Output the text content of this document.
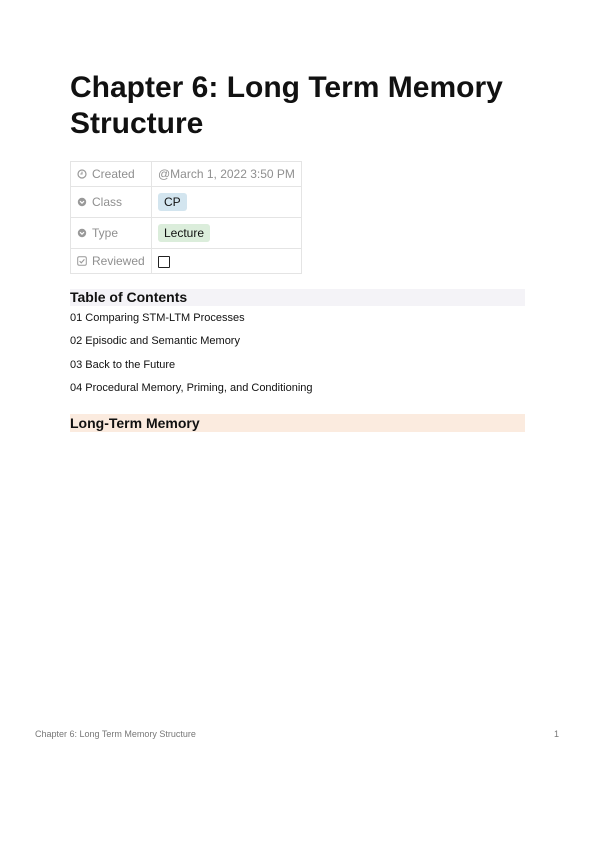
Chapter 6: Long Term Memory Structure
Created	@March 1, 2022 3:50 PM
Class	CP
Type	Lecture
Reviewed	
Table of Contents
01 Comparing STM-LTM Processes
02 Episodic and Semantic Memory
03 Back to the Future
04 Procedural Memory, Priming, and Conditioning
Long-Term Memory
Chapter 6: Long Term Memory Structure	1
